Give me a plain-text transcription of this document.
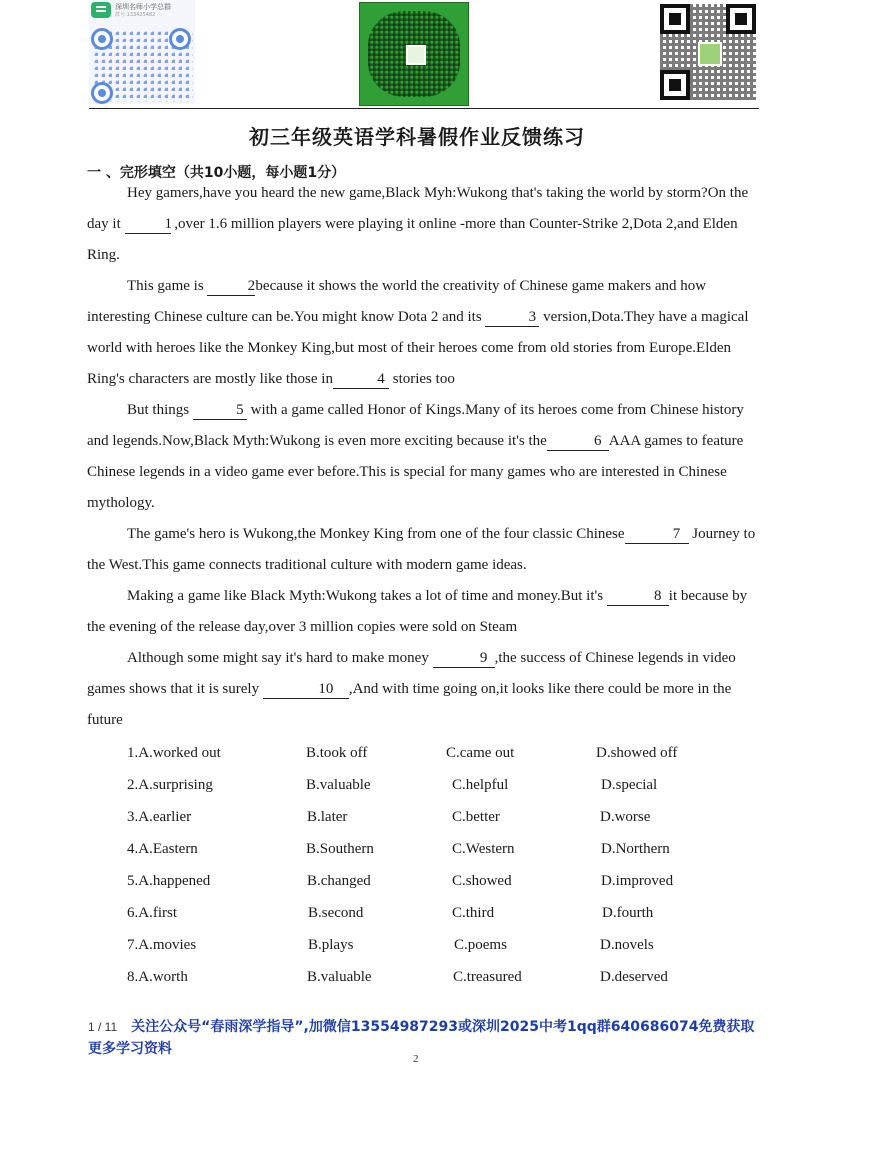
深圳名师小学总群
群号:133425482
初三年级英语学科暑假作业反馈练习
一 、完形填空（共10小题，每小题1分）

Hey gamers,have you heard the new game,Black Myh:Wukong that's taking the world by storm?On the day it	1 ,over 1.6 million players were playing it online -more than Counter-Strike 2,Dota 2,and Elden Ring.

This game is	2because it shows the world the creativity of Chinese game makers and how interesting Chinese culture can be.You might know Dota 2 and its	3 version,Dota.They have a magical world with heroes like the Monkey King,but most of their heroes come from old stories from Europe.Elden Ring's characters are mostly like those in	4 stories too

But things	5 with a game called Honor of Kings.Many of its heroes come from Chinese history and legends.Now,Black Myth:Wukong is even more exciting because it's the	6 AAA games to feature Chinese legends in a video game ever before.This is special for many games who are interested in Chinese mythology.

The game's hero is Wukong,the Monkey King from one of the four classic Chinese	7 Journey to the West.This game connects traditional culture with modern game ideas.

Making a game like Black Myth:Wukong takes a lot of time and money.But it's	8 it because by the evening of the release day,over 3 million copies were sold on Steam

Although some might say it's hard to make money	9 ,the success of Chinese legends in video games shows that it is surely	10 ,And with time going on,it looks like there could be more in the future

1.A.worked out	B.took off	C.came out	D.showed off
2.A.surprising	B.valuable	C.helpful	D.special
3.A.earlier	B.later	C.better	D.worse
4.A.Eastern	B.Southern	C.Western	D.Northern
5.A.happened	B.changed	C.showed	D.improved
6.A.first	B.second	C.third	D.fourth
7.A.movies	B.plays	C.poems	D.novels
8.A.worth	B.valuable	C.treasured	D.deserved
1 / 11 关注公众号“春雨深学指导”,加微信13554987293或深圳2025中考1qq群640686074免费获取更多学习资料
2
